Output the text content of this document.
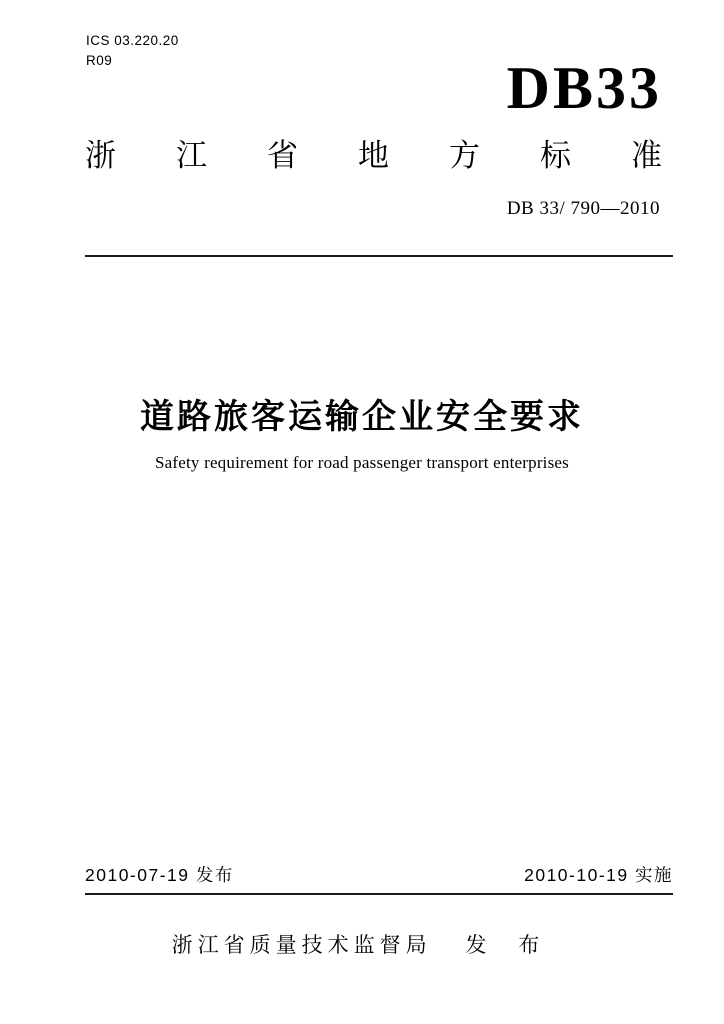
ICS 03.220.20
R09	DB33
浙江省地方标准
DB 33/ 790—2010
道路旅客运输企业安全要求
Safety requirement for road passenger transport enterprises
2010-07-19 发布	2010-10-19 实施
浙江省质量技术监督局 发 布
